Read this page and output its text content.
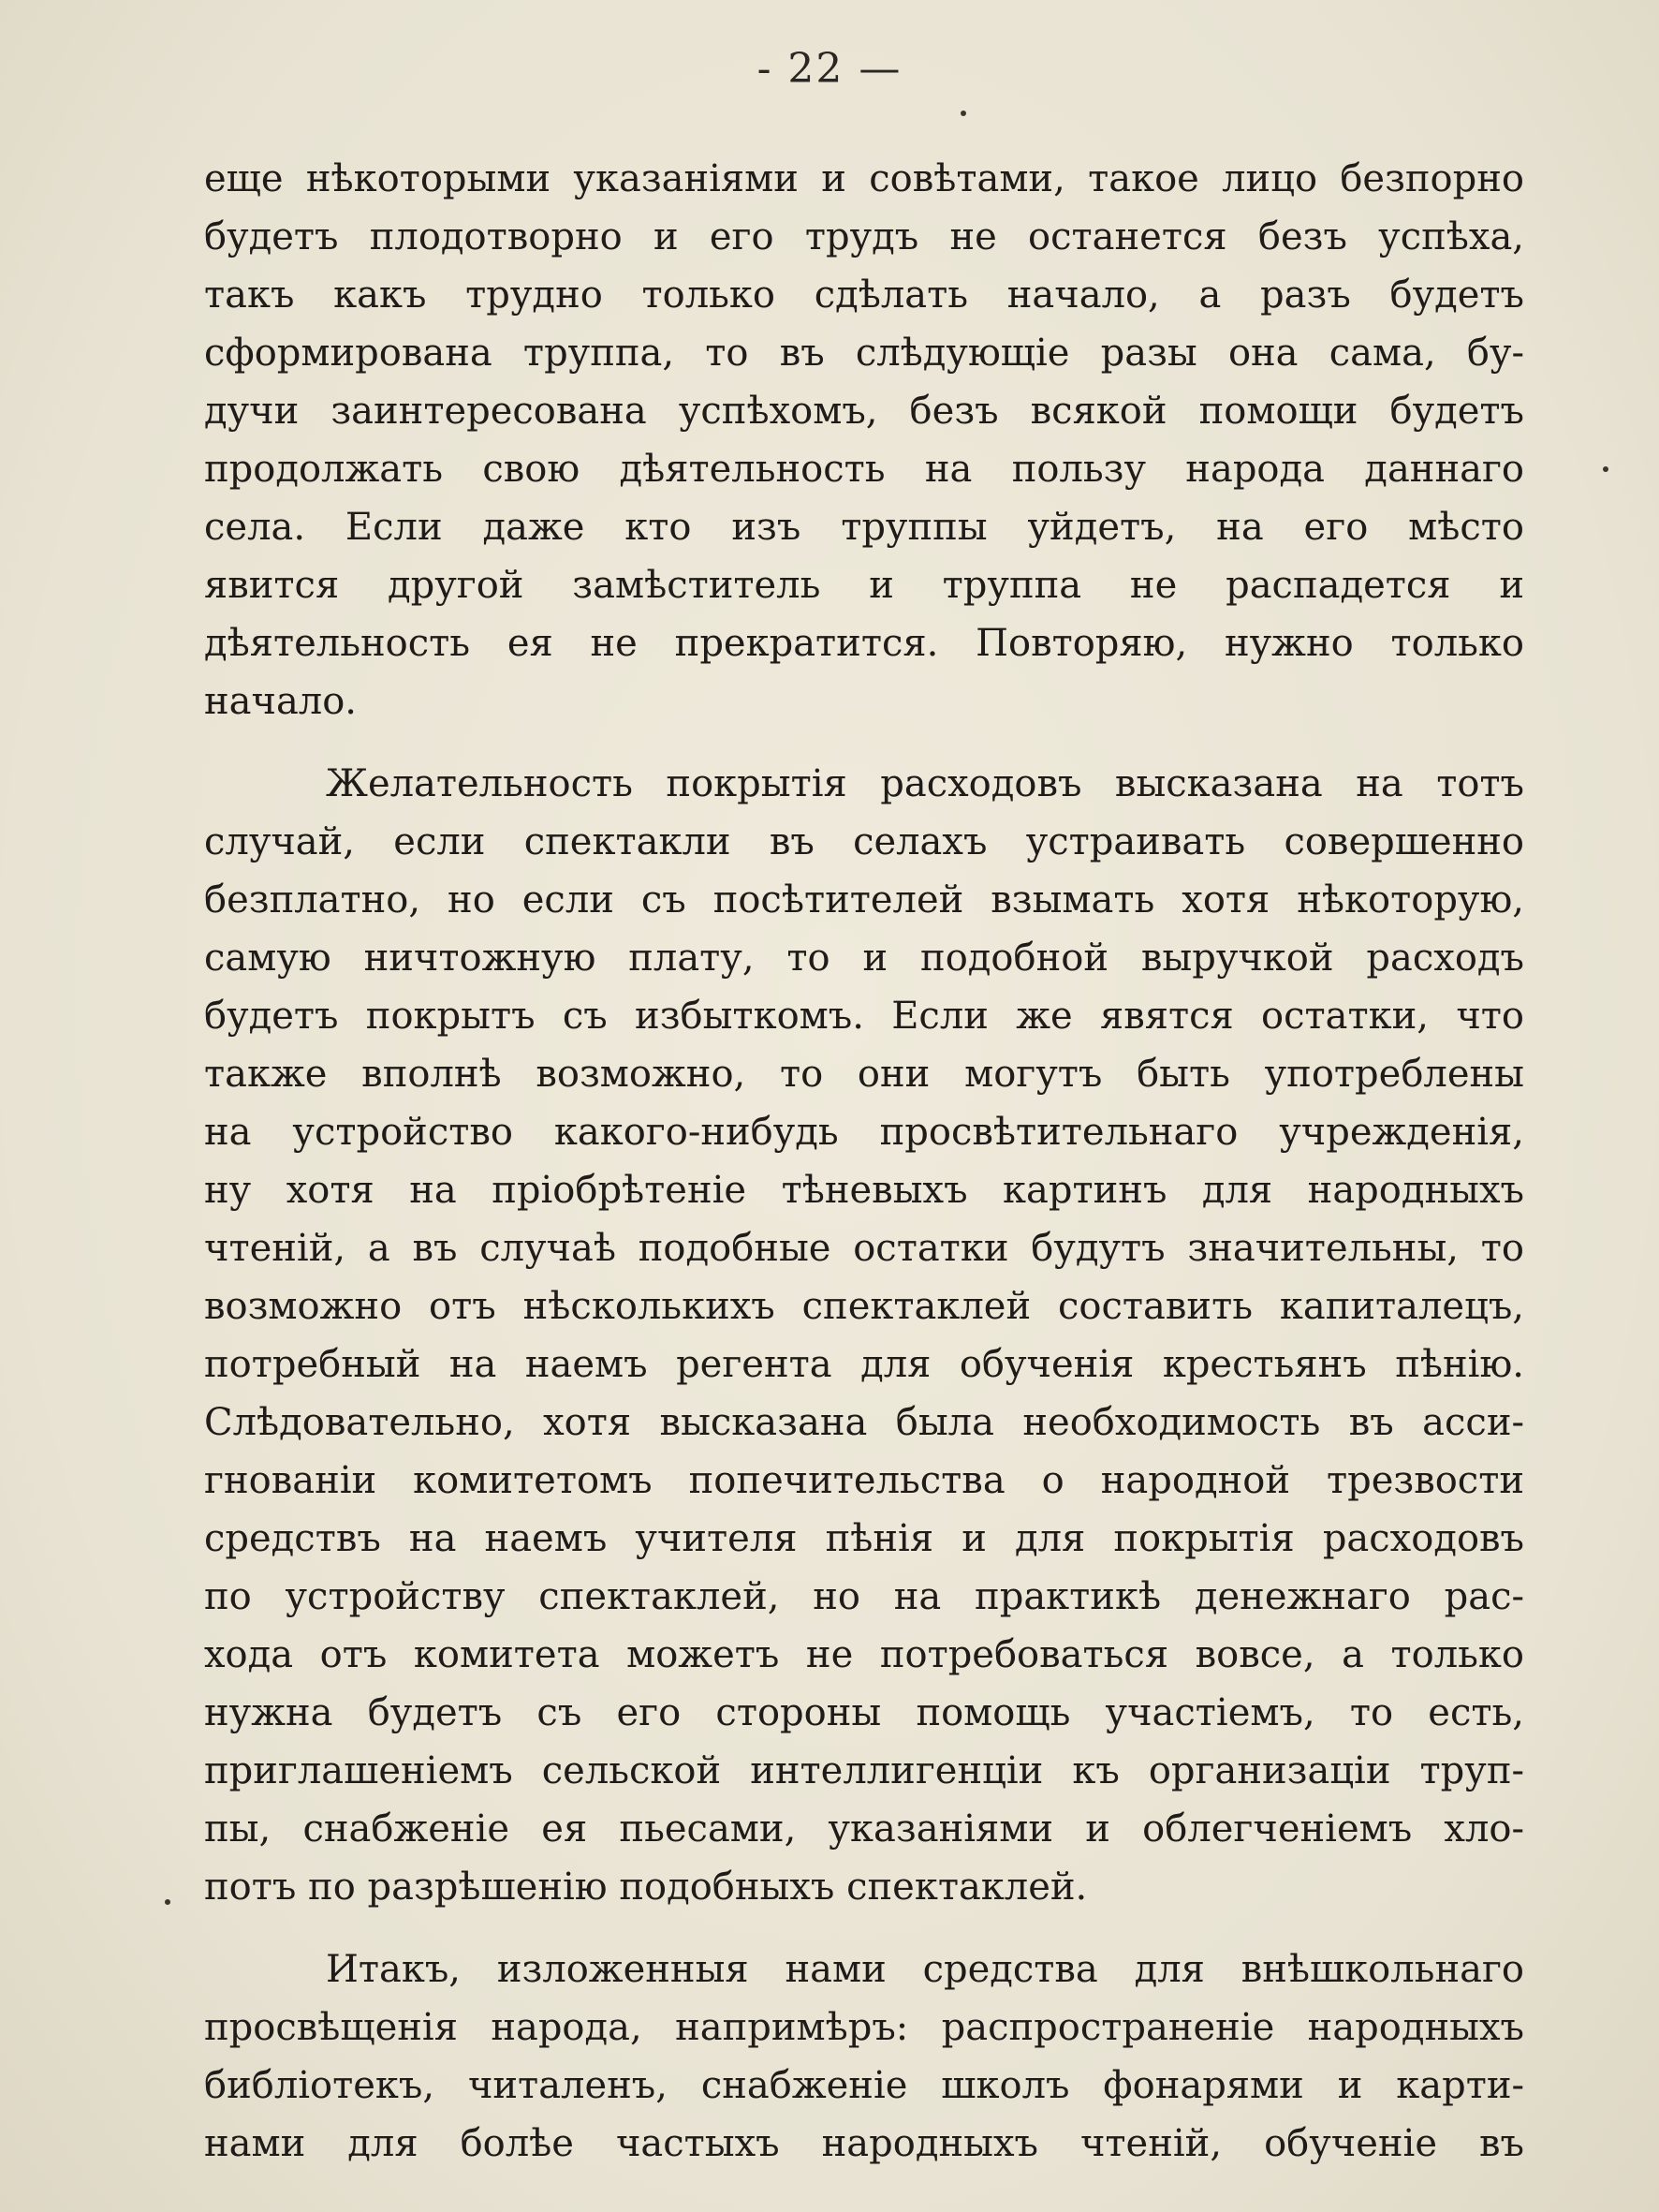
- 22 —
еще нѣкоторыми указаніями и совѣтами, такое лицо безпорно
будетъ плодотворно и его трудъ не останется безъ успѣха,
такъ какъ трудно только сдѣлать начало, а разъ будетъ
сформирована труппа, то въ слѣдующіе разы она сама, бу-
дучи заинтересована успѣхомъ, безъ всякой помощи будетъ
продолжать свою дѣятельность на пользу народа даннаго
села. Если даже кто изъ труппы уйдетъ, на его мѣсто
явится другой замѣститель и труппа не распадется и
дѣятельность ея не прекратится. Повторяю, нужно только
начало.
Желательность покрытія расходовъ высказана на тотъ
случай, если спектакли въ селахъ устраивать совершенно
безплатно, но если съ посѣтителей взымать хотя нѣкоторую,
самую ничтожную плату, то и подобной выручкой расходъ
будетъ покрытъ съ избыткомъ. Если же явятся остатки, что
также вполнѣ возможно, то они могутъ быть употреблены
на устройство какого-нибудь просвѣтительнаго учрежденія,
ну хотя на пріобрѣтеніе тѣневыхъ картинъ для народныхъ
чтеній, а въ случаѣ подобные остатки будутъ значительны, то
возможно отъ нѣсколькихъ спектаклей составить капиталецъ,
потребный на наемъ регента для обученія крестьянъ пѣнію.
Слѣдовательно, хотя высказана была необходимость въ асси-
гнованіи комитетомъ попечительства о народной трезвости
средствъ на наемъ учителя пѣнія и для покрытія расходовъ
по устройству спектаклей, но на практикѣ денежнаго рас-
хода отъ комитета можетъ не потребоваться вовсе, а только
нужна будетъ съ его стороны помощь участіемъ, то есть,
приглашеніемъ сельской интеллигенціи къ организаціи труп-
пы, снабженіе ея пьесами, указаніями и облегченіемъ хло-
потъ по разрѣшенію подобныхъ спектаклей.
Итакъ, изложенныя нами средства для внѣшкольнаго
просвѣщенія народа, напримѣръ: распространеніе народныхъ
библіотекъ, читаленъ, снабженіе школъ фонарями и карти-
нами для болѣе частыхъ народныхъ чтеній, обученіе въ
